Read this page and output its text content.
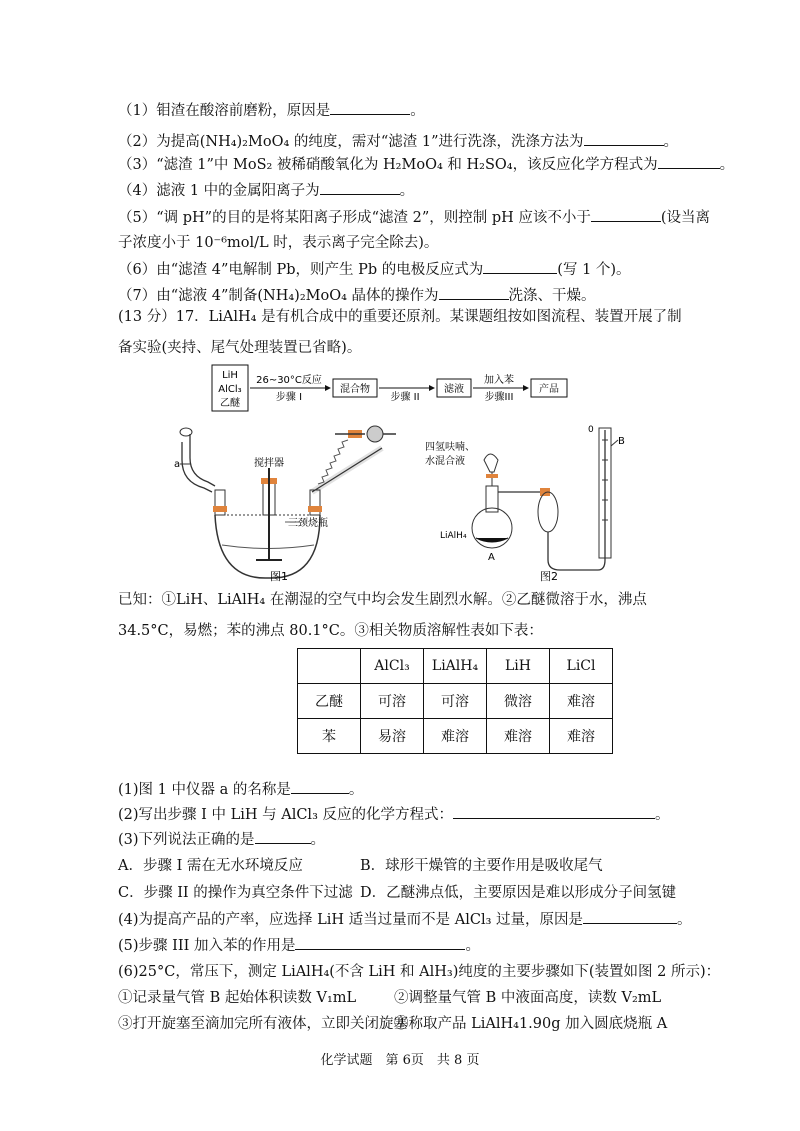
（1）钼渣在酸溶前磨粉，原因是	。
（2）为提高(NH₄)₂MoO₄ 的纯度，需对“滤渣 1”进行洗涤，洗涤方法为	。
（3）“滤渣 1”中 MoS₂ 被稀硝酸氧化为 H₂MoO₄ 和 H₂SO₄，该反应化学方程式为	。
（4）滤液 1 中的金属阳离子为	。
（5）“调 pH”的目的是将某阳离子形成“滤渣 2”，则控制 pH 应该不小于	(设当离
子浓度小于 10⁻⁶mol/L 时，表示离子完全除去)。
（6）由“滤渣 4”电解制 Pb，则产生 Pb 的电极反应式为	(写 1 个)。
（7）由“滤液 4”制备(NH₄)₂MoO₄ 晶体的操作为	洗涤、干燥。
(13 分）17．LiAlH₄ 是有机合成中的重要还原剂。某课题组按如图流程、装置开展了制备实验(夹持、尾气处理装置已省略)。
LiH
AlCl₃
乙醚
26~30°C反应
步骤 I
混合物
步骤 II
滤液
加入苯
步骤III
产品
a	搅拌器
三颈烧瓶
图1
四氢呋喃、
水混合液
LiAlH₄
A
0
B
图2
已知：①LiH、LiAlH₄ 在潮湿的空气中均会发生剧烈水解。②乙醚微溶于水，沸点 34.5°C，易燃；苯的沸点 80.1°C。③相关物质溶解性表如下表：
	AlCl₃	LiAlH₄	LiH	LiCl
乙醚	可溶	可溶	微溶	难溶
苯	易溶	难溶	难溶	难溶
(1)图 1 中仪器 a 的名称是	。
(2)写出步骤 I 中 LiH 与 AlCl₃ 反应的化学方程式：	。
(3)下列说法正确的是	。
A．步骤 I 需在无水环境反应	B．球形干燥管的主要作用是吸收尾气
C．步骤 II 的操作为真空条件下过滤 D．乙醚沸点低，主要原因是难以形成分子间氢键
(4)为提高产品的产率，应选择 LiH 适当过量而不是 AlCl₃ 过量，原因是	。
(5)步骤 III 加入苯的作用是	。
(6)25°C，常压下，测定 LiAlH₄(不含 LiH 和 AlH₃)纯度的主要步骤如下(装置如图 2 所示)：
①记录量气管 B 起始体积读数 V₁mL	②调整量气管 B 中液面高度，读数 V₂mL
③打开旋塞至滴加完所有液体，立即关闭旋塞
④称取产品 LiAlH₄1.90g 加入圆底烧瓶 A
化学试题　第 6页　共 8 页
